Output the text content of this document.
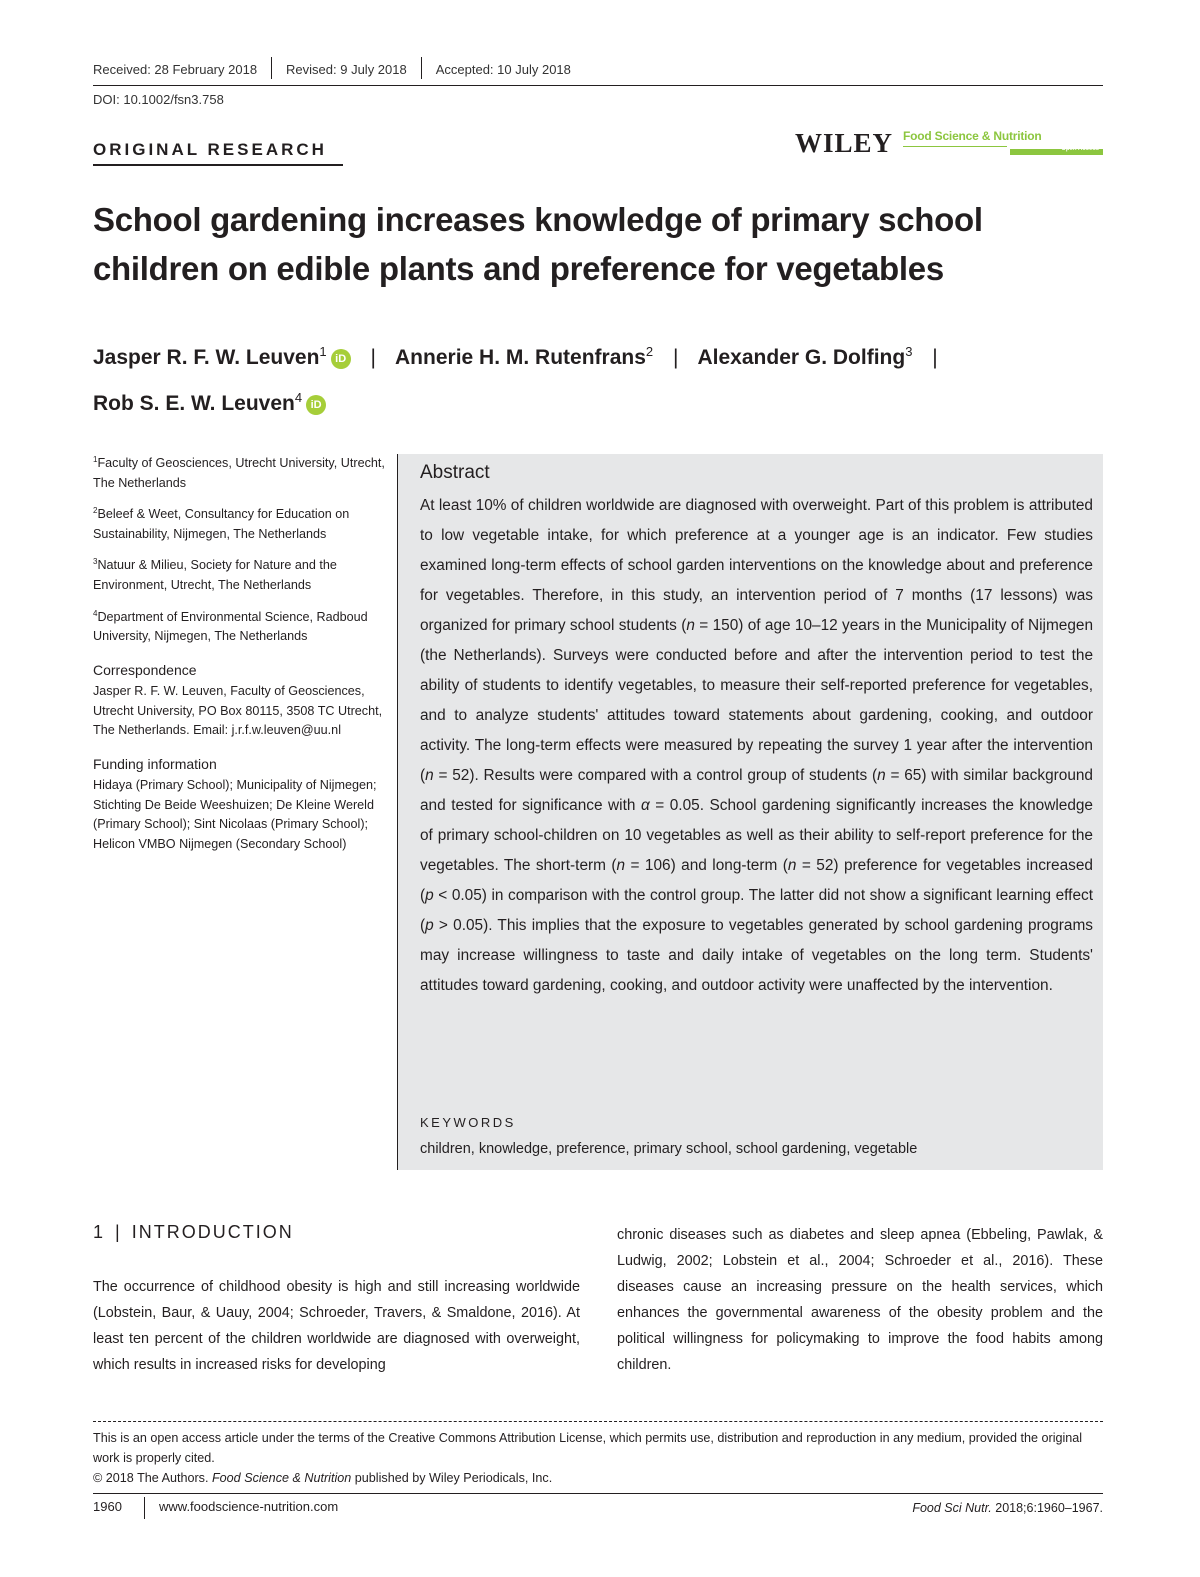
Received: 28 February 2018 Revised: 9 July 2018 Accepted: 10 July 2018
DOI: 10.1002/fsn3.758
ORIGINAL RESEARCH	WILEY Food Science & Nutrition
Open Access
School gardening increases knowledge of primary school
children on edible plants and preference for vegetables
Jasper R. F. W. Leuven$^1$ iD | Annerie H. M. Rutenfrans$^2$ | Alexander G. Dolfing$^3$ |
Rob S. E. W. Leuven$^4$ iD

$^1$Faculty of Geosciences, Utrecht University, Utrecht, The Netherlands

$^2$Beleef & Weet, Consultancy for Education on Sustainability, Nijmegen, The Netherlands

$^3$Natuur & Milieu, Society for Nature and the Environment, Utrecht, The Netherlands

$^4$Department of Environmental Science, Radboud University, Nijmegen, The Netherlands

Correspondence

Jasper R. F. W. Leuven, Faculty of Geosciences, Utrecht University, PO Box 80115, 3508 TC Utrecht, The Netherlands. Email: j.r.f.w.leuven@uu.nl

Funding information

Hidaya (Primary School); Municipality of Nijmegen; Stichting De Beide Weeshuizen; De Kleine Wereld (Primary School); Sint Nicolaas (Primary School); Helicon VMBO Nijmegen (Secondary School)

Abstract
At least 10% of children worldwide are diagnosed with overweight. Part of this problem is attributed to low vegetable intake, for which preference at a younger age is an indicator. Few studies examined long-term effects of school garden interventions on the knowledge about and preference for vegetables. Therefore, in this study, an intervention period of 7 months (17 lessons) was organized for primary school students (n = 150) of age 10–12 years in the Municipality of Nijmegen (the Netherlands). Surveys were conducted before and after the intervention period to test the ability of students to identify vegetables, to measure their self-reported preference for vegetables, and to analyze students' attitudes toward statements about gardening, cooking, and outdoor activity. The long-term effects were measured by repeating the survey 1 year after the intervention (n = 52). Results were compared with a control group of students (n = 65) with similar background and tested for significance with α = 0.05. School gardening significantly increases the knowledge of primary school-children on 10 vegetables as well as their ability to self-report preference for the vegetables. The short-term (n = 106) and long-term (n = 52) preference for vegetables increased (p < 0.05) in comparison with the control group. The latter did not show a significant learning effect (p > 0.05). This implies that the exposure to vegetables generated by school gardening programs may increase willingness to taste and daily intake of vegetables on the long term. Students' attitudes toward gardening, cooking, and outdoor activity were unaffected by the intervention.
KEYWORDS
children, knowledge, preference, primary school, school gardening, vegetable
1 | INTRODUCTION
The occurrence of childhood obesity is high and still increasing worldwide (Lobstein, Baur, & Uauy, 2004; Schroeder, Travers, & Smaldone, 2016). At least ten percent of the children worldwide are diagnosed with overweight, which results in increased risks for developing
chronic diseases such as diabetes and sleep apnea (Ebbeling, Pawlak, & Ludwig, 2002; Lobstein et al., 2004; Schroeder et al., 2016). These diseases cause an increasing pressure on the health services, which enhances the governmental awareness of the obesity problem and the political willingness for policymaking to improve the food habits among children.
This is an open access article under the terms of the Creative Commons Attribution License, which permits use, distribution and reproduction in any medium, provided the original work is properly cited.
© 2018 The Authors. Food Science & Nutrition published by Wiley Periodicals, Inc.
1960	www.foodscience-nutrition.com	Food Sci Nutr. 2018;6:1960–1967.
